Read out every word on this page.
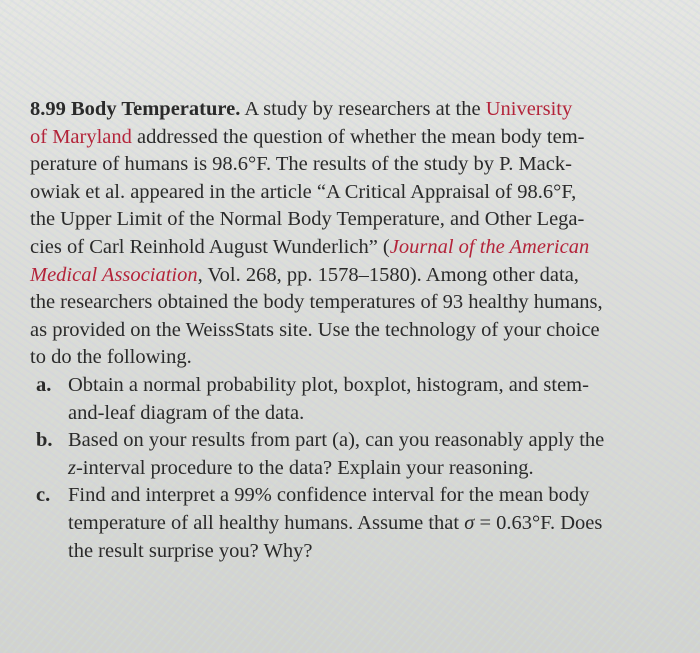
8.99 Body Temperature. A study by researchers at the University
of Maryland addressed the question of whether the mean body tem-
perature of humans is 98.6°F. The results of the study by P. Mack-
owiak et al. appeared in the article “A Critical Appraisal of 98.6°F,
the Upper Limit of the Normal Body Temperature, and Other Lega-
cies of Carl Reinhold August Wunderlich” (Journal of the American
Medical Association, Vol. 268, pp. 1578–1580). Among other data,
the researchers obtained the body temperatures of 93 healthy humans,
as provided on the WeissStats site. Use the technology of your choice
to do the following.
a. Obtain a normal probability plot, boxplot, histogram, and stem-
and-leaf diagram of the data.
b. Based on your results from part (a), can you reasonably apply the
z-interval procedure to the data? Explain your reasoning.
c. Find and interpret a 99% confidence interval for the mean body
temperature of all healthy humans. Assume that σ = 0.63°F. Does
the result surprise you? Why?
